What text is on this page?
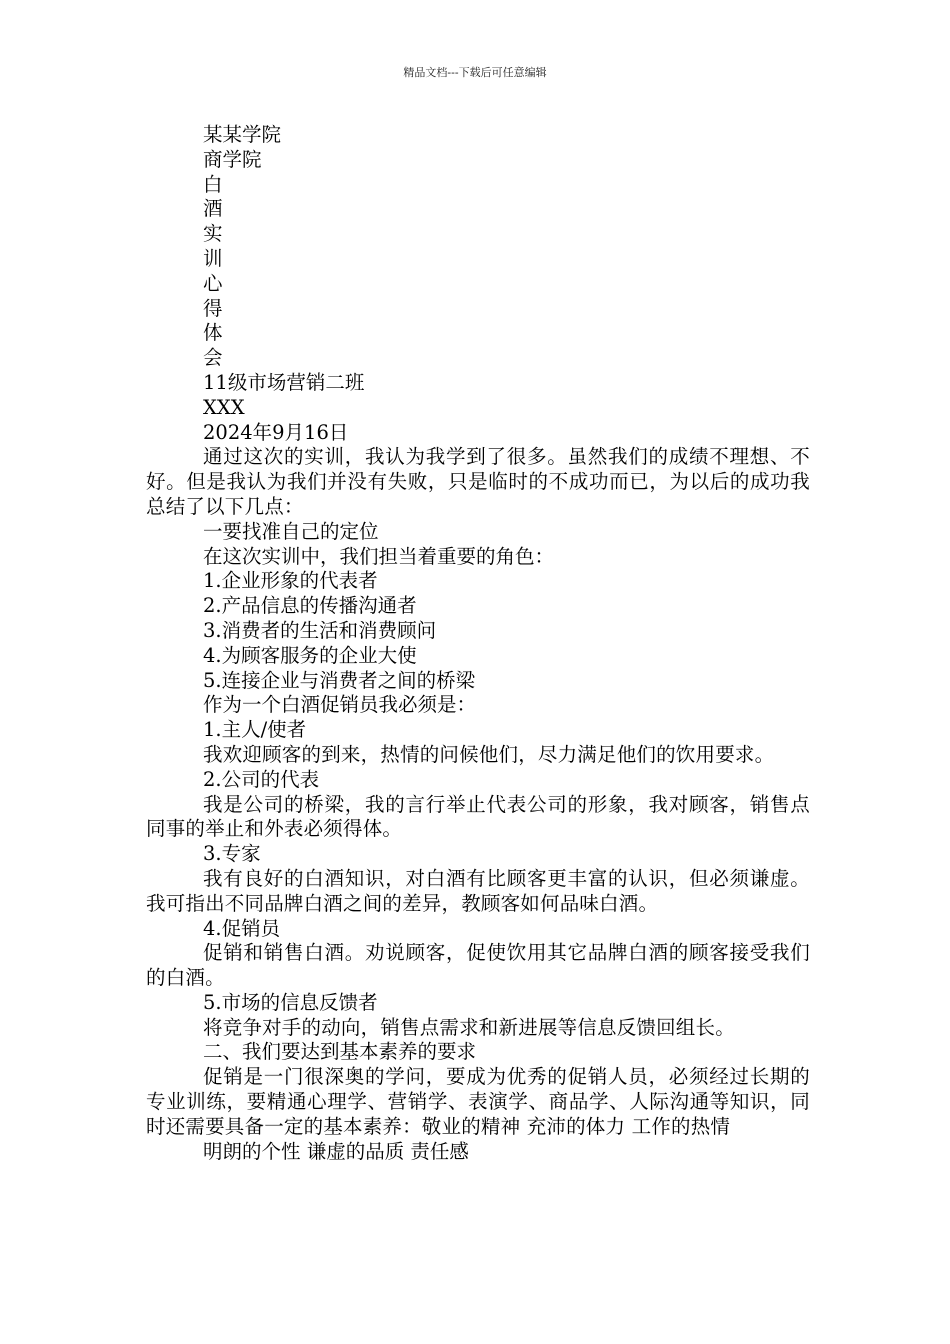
精品文档---下载后可任意编辑
某某学院
商学院
白
酒
实
训
心
得
体
会
11级市场营销二班
XXX
2024年9月16日

通过这次的实训，我认为我学到了很多。虽然我们的成绩不理想、不好。但是我认为我们并没有失败，只是临时的不成功而已，为以后的成功我总结了以下几点：

一要找准自己的定位
在这次实训中，我们担当着重要的角色：
1.企业形象的代表者
2.产品信息的传播沟通者
3.消费者的生活和消费顾问
4.为顾客服务的企业大使
5.连接企业与消费者之间的桥梁
作为一个白酒促销员我必须是：
1.主人/使者

我欢迎顾客的到来，热情的问候他们，尽力满足他们的饮用要求。

2.公司的代表

我是公司的桥梁，我的言行举止代表公司的形象，我对顾客，销售点同事的举止和外表必须得体。

3.专家

我有良好的白酒知识，对白酒有比顾客更丰富的认识，但必须谦虚。我可指出不同品牌白酒之间的差异，教顾客如何品味白酒。

4.促销员

促销和销售白酒。劝说顾客，促使饮用其它品牌白酒的顾客接受我们的白酒。

5.市场的信息反馈者

将竞争对手的动向，销售点需求和新进展等信息反馈回组长。

二、我们要达到基本素养的要求

促销是一门很深奥的学问，要成为优秀的促销人员，必须经过长期的专业训练，要精通心理学、营销学、表演学、商品学、人际沟通等知识，同时还需要具备一定的基本素养：敬业的精神 充沛的体力 工作的热情

明朗的个性 谦虚的品质 责任感
